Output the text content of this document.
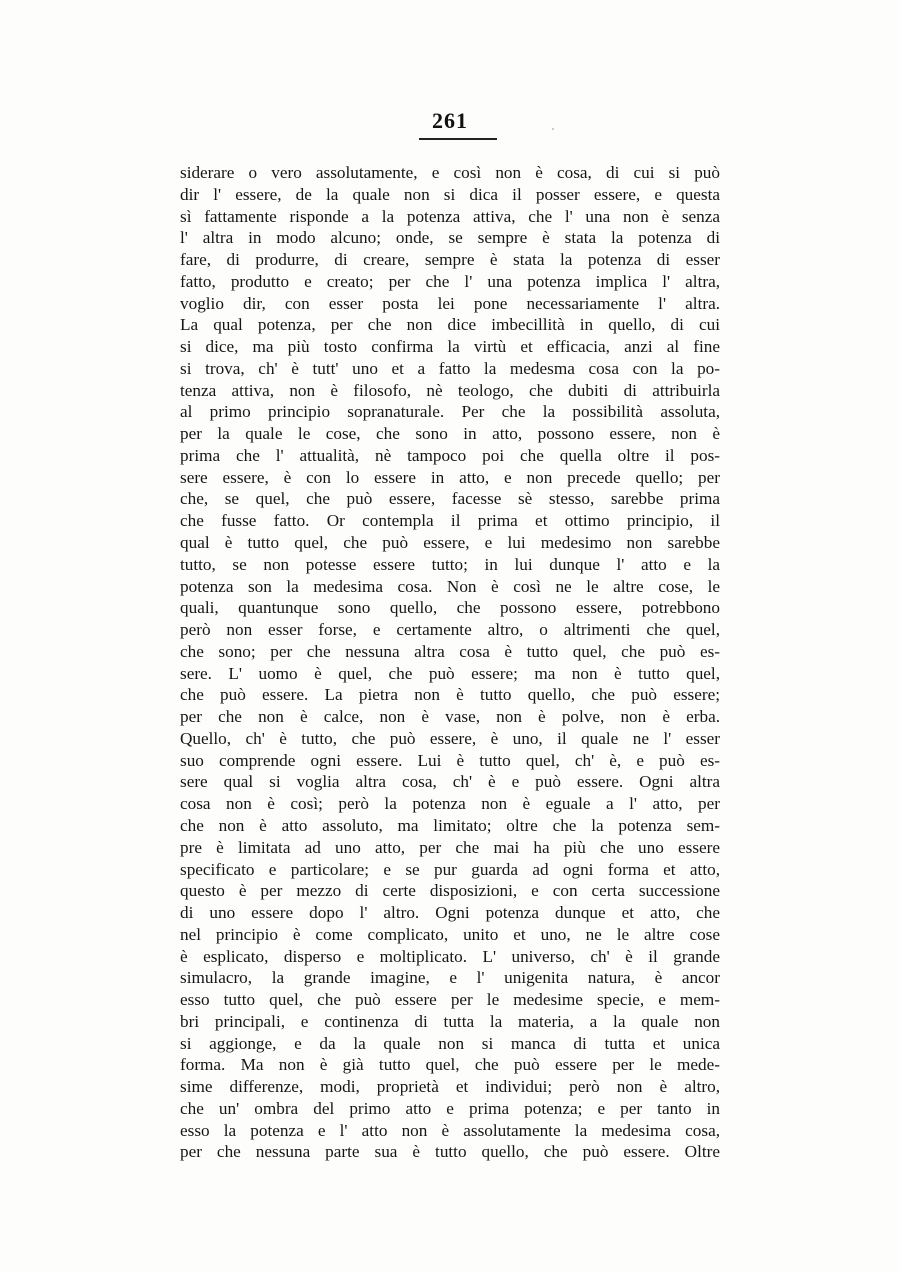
261
siderare o vero assolutamente, e così non è cosa, di cui si può
dir l' essere, de la quale non si dica il posser essere, e questa
sì fattamente risponde a la potenza attiva, che l' una non è senza
l' altra in modo alcuno; onde, se sempre è stata la potenza di
fare, di produrre, di creare, sempre è stata la potenza di esser
fatto, produtto e creato; per che l' una potenza implica l' altra,
voglio dir, con esser posta lei pone necessariamente l' altra.
La qual potenza, per che non dice imbecillità in quello, di cui
si dice, ma più tosto confirma la virtù et efficacia, anzi al fine
si trova, ch' è tutt' uno et a fatto la medesma cosa con la po-
tenza attiva, non è filosofo, nè teologo, che dubiti di attribuirla
al primo principio sopranaturale. Per che la possibilità assoluta,
per la quale le cose, che sono in atto, possono essere, non è
prima che l' attualità, nè tampoco poi che quella oltre il pos-
sere essere, è con lo essere in atto, e non precede quello; per
che, se quel, che può essere, facesse sè stesso, sarebbe prima
che fusse fatto. Or contempla il prima et ottimo principio, il
qual è tutto quel, che può essere, e lui medesimo non sarebbe
tutto, se non potesse essere tutto; in lui dunque l' atto e la
potenza son la medesima cosa. Non è così ne le altre cose, le
quali, quantunque sono quello, che possono essere, potrebbono
però non esser forse, e certamente altro, o altrimenti che quel,
che sono; per che nessuna altra cosa è tutto quel, che può es-
sere. L' uomo è quel, che può essere; ma non è tutto quel,
che può essere. La pietra non è tutto quello, che può essere;
per che non è calce, non è vase, non è polve, non è erba.
Quello, ch' è tutto, che può essere, è uno, il quale ne l' esser
suo comprende ogni essere. Lui è tutto quel, ch' è, e può es-
sere qual si voglia altra cosa, ch' è e può essere. Ogni altra
cosa non è così; però la potenza non è eguale a l' atto, per
che non è atto assoluto, ma limitato; oltre che la potenza sem-
pre è limitata ad uno atto, per che mai ha più che uno essere
specificato e particolare; e se pur guarda ad ogni forma et atto,
questo è per mezzo di certe disposizioni, e con certa successione
di uno essere dopo l' altro. Ogni potenza dunque et atto, che
nel principio è come complicato, unito et uno, ne le altre cose
è esplicato, disperso e moltiplicato. L' universo, ch' è il grande
simulacro, la grande imagine, e l' unigenita natura, è ancor
esso tutto quel, che può essere per le medesime specie, e mem-
bri principali, e continenza di tutta la materia, a la quale non
si aggionge, e da la quale non si manca di tutta et unica
forma. Ma non è già tutto quel, che può essere per le mede-
sime differenze, modi, proprietà et individui; però non è altro,
che un' ombra del primo atto e prima potenza; e per tanto in
esso la potenza e l' atto non è assolutamente la medesima cosa,
per che nessuna parte sua è tutto quello, che può essere. Oltre
